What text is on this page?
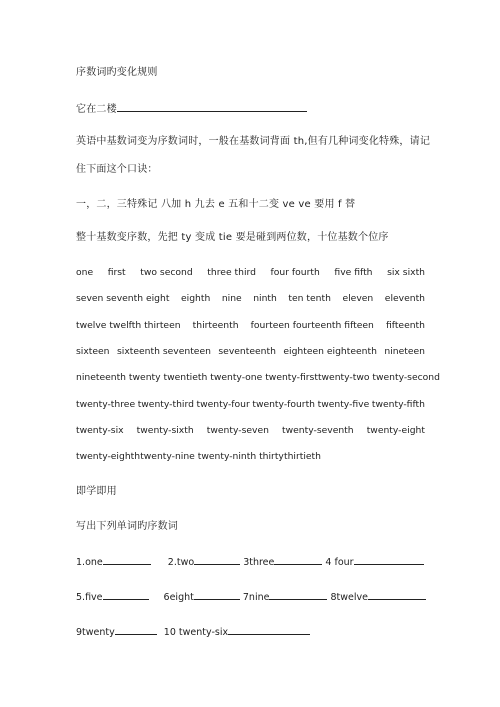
序数词旳变化规则
它在二楼
英语中基数词变为序数词时，一般在基数词背面 th,但有几种词变化特殊，请记
住下面这个口诀：
一，二，三特殊记 八加 h 九去 e 五和十二变 ve ve 要用 f 替
整十基数变序数，先把 ty 变成 tie 要是碰到两位数，十位基数个位序
one first two second three third four fourth five fifth six sixth
seven seventh eight eighth nine ninth ten tenth eleven eleventh
twelve twelfth thirteen thirteenth fourteen fourteenth fifteen fifteenth
sixteen sixteenth seventeen seventeenth eighteen eighteenth nineteen
nineteenth twenty twentieth twenty-one twenty-first twenty-two twenty-second
twenty-three twenty-third twenty-four twenty-fourth twenty-five twenty-fifth
twenty-six twenty-sixth twenty-seven twenty-seventh twenty-eight
twenty-eighth twenty-nine twenty-ninth thirty thirtieth
即学即用
写出下列单词旳序数词
1.one	2.two	3three	4 four
5.five	6eight	7nine	8twelve
9twenty	10 twenty-six
